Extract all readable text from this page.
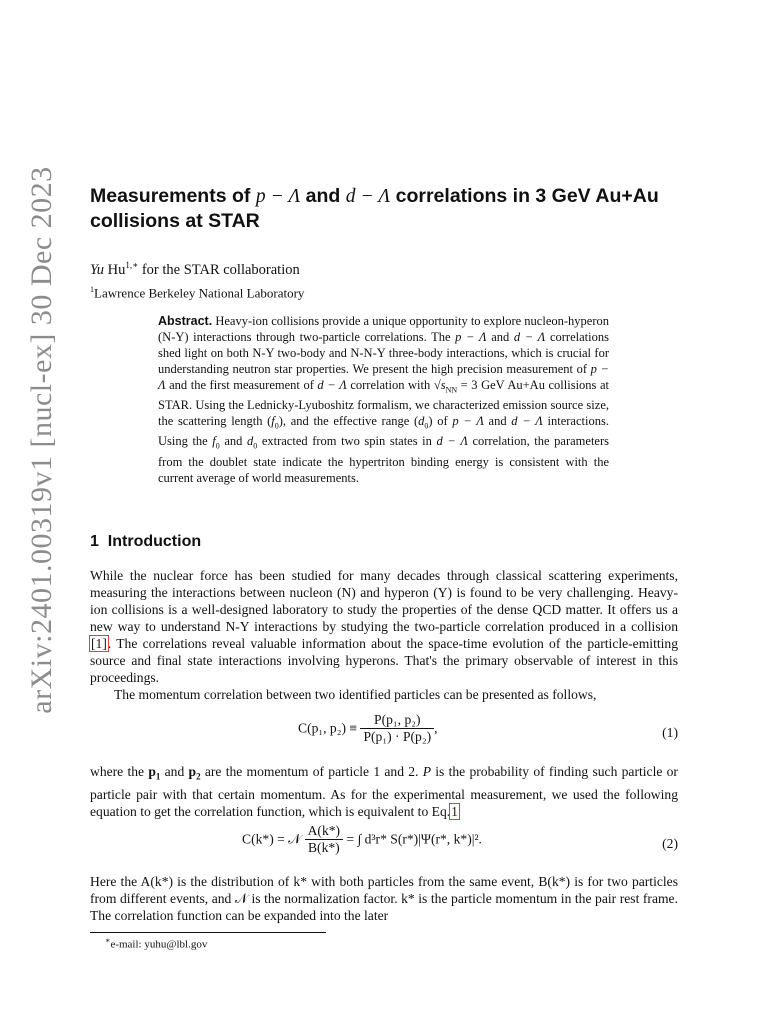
arXiv:2401.00319v1 [nucl-ex] 30 Dec 2023 Measurements of p − Λ and d − Λ correlations in 3 GeV Au+Au collisions at STAR
Yu $Hu^{1,∗}$ for the STAR collaboration
$^1$Lawrence Berkeley National Laboratory
Abstract. Heavy-ion collisions provide a unique opportunity to explore nucleon-hyperon (N-Y) interactions through two-particle correlations. The p − Λ and d − Λ correlations shed light on both N-Y two-body and N-N-Y three-body interactions, which is crucial for understanding neutron star properties. We present the high precision measurement of p − Λ and the first measurement of d − Λ correlation with $√s_{NN} = 3$ GeV Au+Au collisions at STAR. Using the Lednicky-Lyuboshitz formalism, we characterized emission source size, the scattering length $(f_0)$, and the effective range $(d_0)$ of p − Λ and d − Λ interactions. Using the $f_0$ and $d_0$ extracted from two spin states in d − Λ correlation, the parameters from the doublet state indicate the hypertriton binding energy is consistent with the current average of world measurements.
1 Introduction

While the nuclear force has been studied for many decades through classical scattering experiments, measuring the interactions between nucleon (N) and hyperon (Y) is found to be very challenging. Heavy-ion collisions is a well-designed laboratory to study the properties of the dense QCD matter. It offers us a new way to understand N-Y interactions by studying the two-particle correlation produced in a collision [1]. The correlations reveal valuable information about the space-time evolution of the particle-emitting source and final state interactions involving hyperons. That's the primary observable of interest in this proceedings.
The momentum correlation between two identified particles can be presented as follows,

C(p₁, $p_2) \equiv \frac{\text{P(p₁, p₂)}}{\text{P(p₁) · P(p₂)}}$ ,	(1)

where the $p_1$ and $p_2$ are the momentum of particle 1 and 2. P is the probability of finding such particle or particle pair with that certain momentum. As for the experimental measurement, we used the following equation to get the correlation function, which is equivalent to Eq.1

C(k*) = 𝒩 $\frac{A(k*)}{B(k*)}$ = ∫ d³r* S(r*)|Ψ(r*, k*)|².	(2)

Here the A(k*) is the distribution of k* with both particles from the same event, B(k*) is for two particles from different events, and 𝒩 is the normalization factor. k* is the particle momentum in the pair rest frame. The correlation function can be expanded into the later

∗e-mail: yuhu@lbl.gov
